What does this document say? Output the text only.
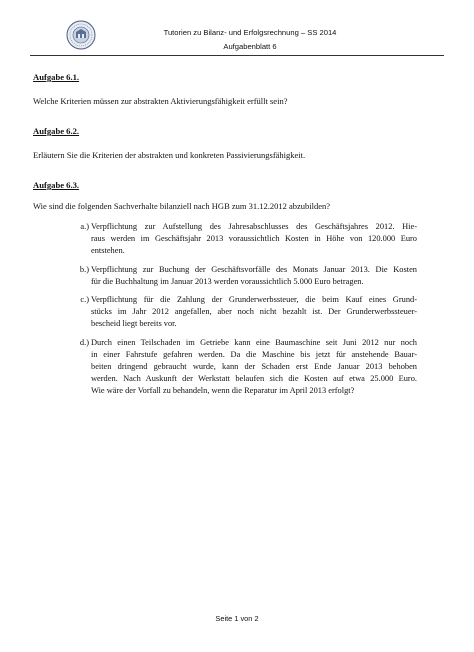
Tutorien zu Bilanz- und Erfolgsrechnung – SS 2014
Aufgabenblatt 6
Aufgabe 6.1.
Welche Kriterien müssen zur abstrakten Aktivierungsfähigkeit erfüllt sein?
Aufgabe 6.2.
Erläutern Sie die Kriterien der abstrakten und konkreten Passivierungsfähigkeit.
Aufgabe 6.3.
Wie sind die folgenden Sachverhalte bilanziell nach HGB zum 31.12.2012 abzubilden?
a.) Verpflichtung zur Aufstellung des Jahresabschlusses des Geschäftsjahres 2012. Hie-
raus werden im Geschäftsjahr 2013 voraussichtlich Kosten in Höhe von 120.000 Euro
entstehen.
b.) Verpflichtung zur Buchung der Geschäftsvorfälle des Monats Januar 2013. Die Kosten
für die Buchhaltung im Januar 2013 werden voraussichtlich 5.000 Euro betragen.
c.) Verpflichtung für die Zahlung der Grunderwerbssteuer, die beim Kauf eines Grund-
stücks im Jahr 2012 angefallen, aber noch nicht bezahlt ist. Der Grunderwerbssteuer-
bescheid liegt bereits vor.
d.) Durch einen Teilschaden im Getriebe kann eine Baumaschine seit Juni 2012 nur noch
in einer Fahrstufe gefahren werden. Da die Maschine bis jetzt für anstehende Bauar-
beiten dringend gebraucht wurde, kann der Schaden erst Ende Januar 2013 behoben
werden. Nach Auskunft der Werkstatt belaufen sich die Kosten auf etwa 25.000 Euro.
Wie wäre der Vorfall zu behandeln, wenn die Reparatur im April 2013 erfolgt?
Seite 1 von 2
